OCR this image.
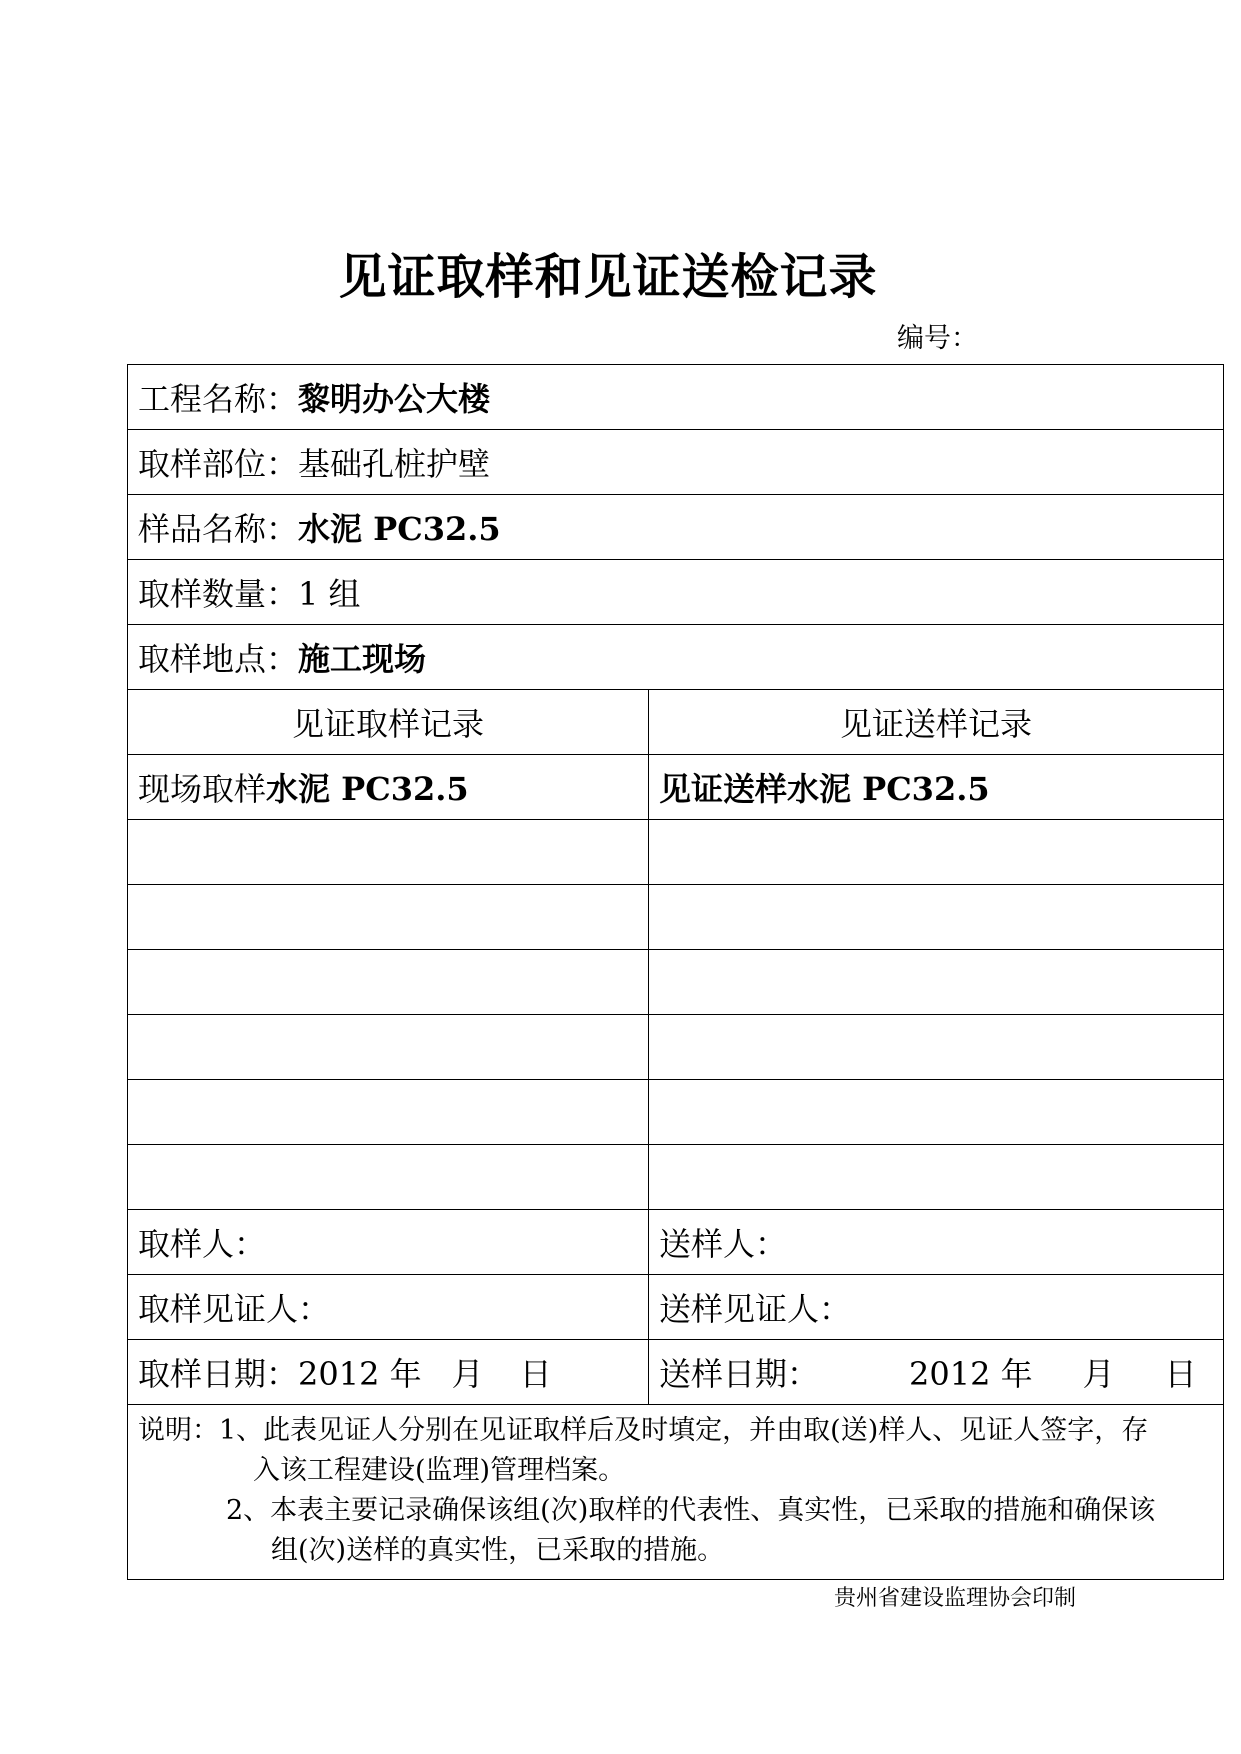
见证取样和见证送检记录
编号：
工程名称：黎明办公大楼	
取样部位：基础孔桩护壁	
样品名称：水泥 PC32.5	
取样数量：1 组	
取样地点：施工现场	
见证取样记录	见证送样记录
现场取样水泥 PC32.5	见证送样水泥 PC32.5

取样人：	送样人：
取样见证人：	送样见证人：
取样日期：2012 年 月 日	送样日期： 2012 年 月 日

说明：1、此表见证人分别在见证取样后及时填定，并由取(送)样人、见证人签字，存
入该工程建设(监理)管理档案。
2、本表主要记录确保该组(次)取样的代表性、真实性，已采取的措施和确保该
组(次)送样的真实性，已采取的措施。	
贵州省建设监理协会印制
